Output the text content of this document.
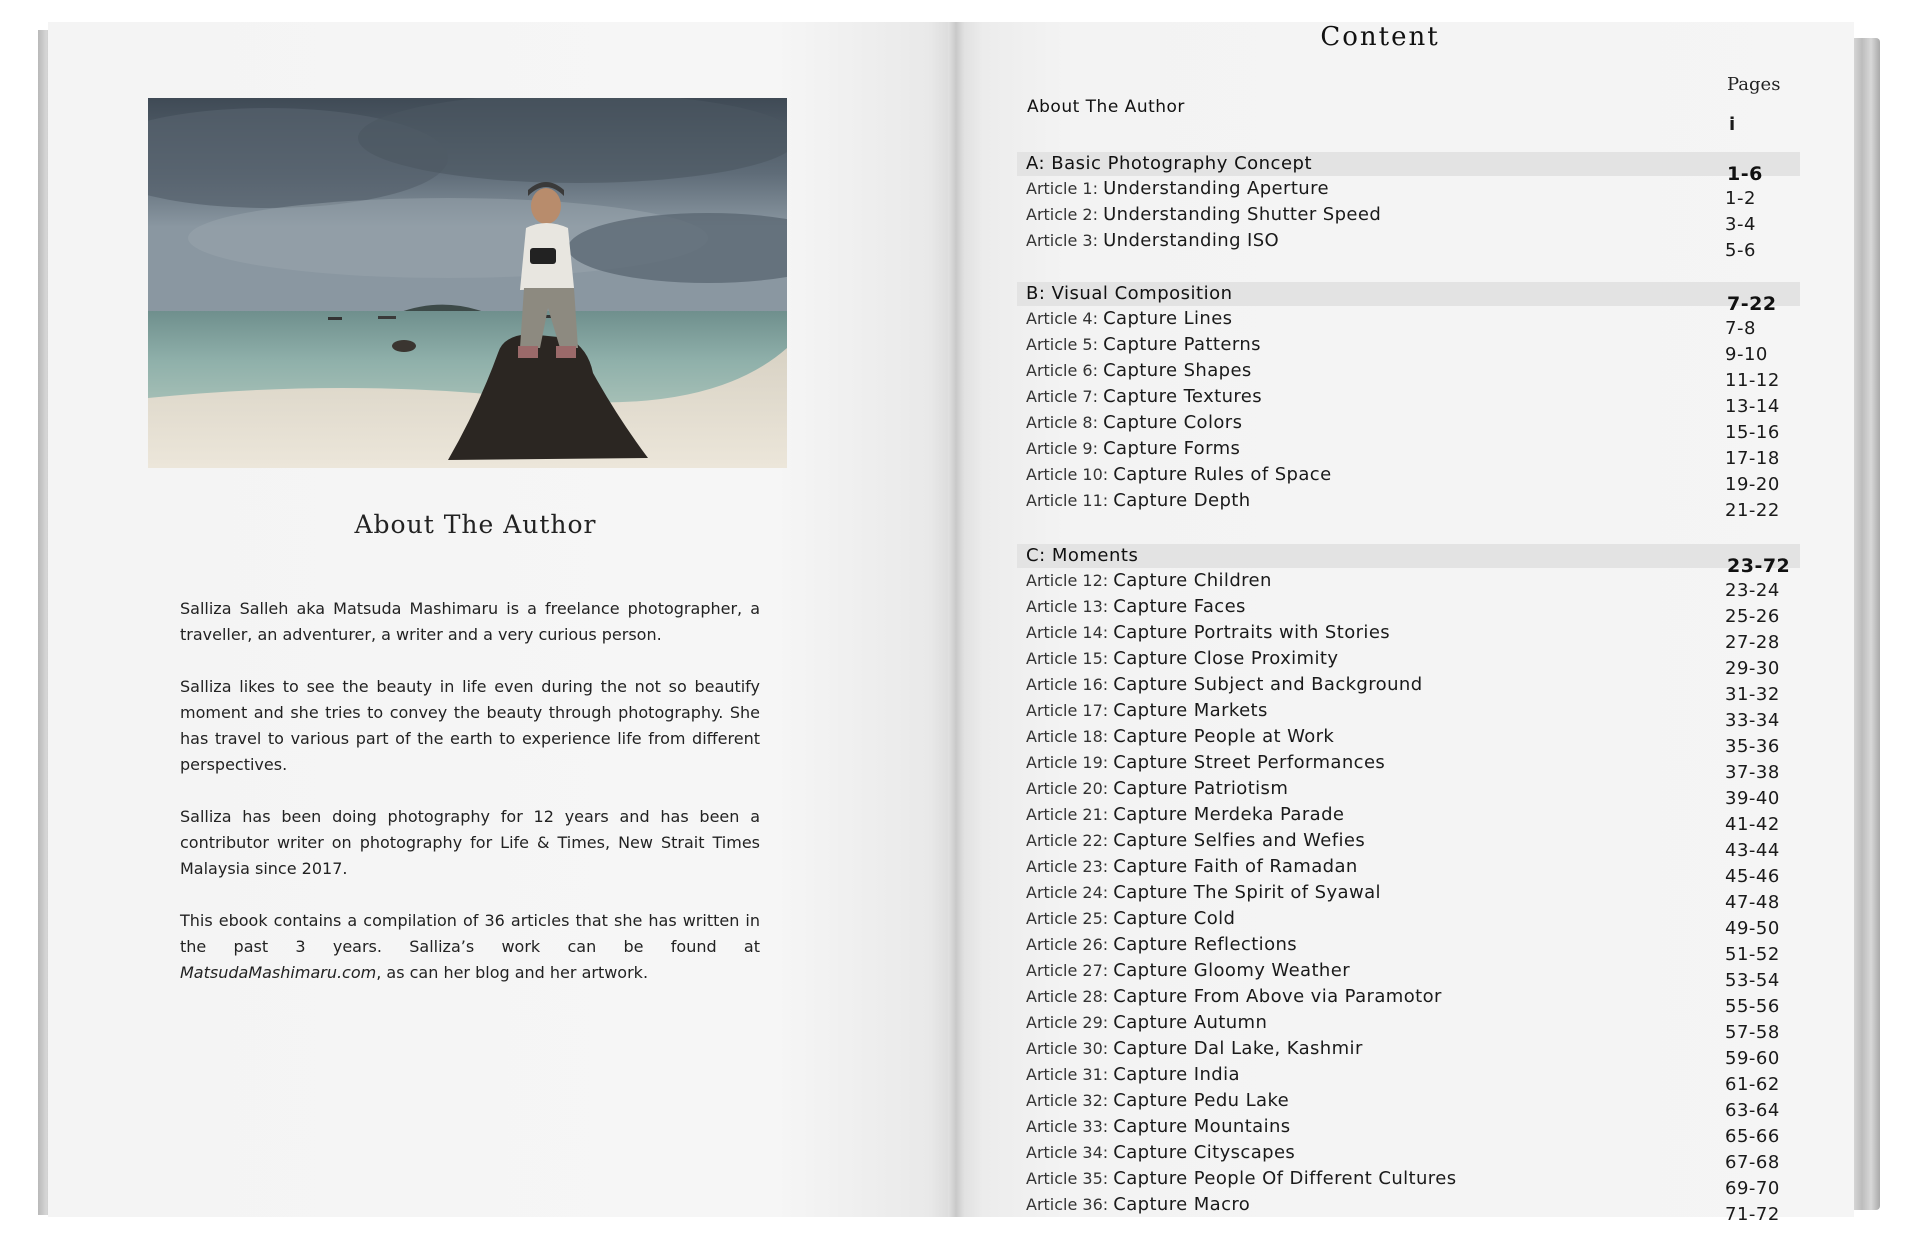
About The Author

Salliza Salleh aka Matsuda Mashimaru is a freelance photographer, a traveller, an adventurer, a writer and a very curious person.

Salliza likes to see the beauty in life even during the not so beautify moment and she tries to convey the beauty through photography. She has travel to various part of the earth to experience life from different perspectives.

Salliza has been doing photography for 12 years and has been a contributor writer on photography for Life & Times, New Strait Times Malaysia since 2017.

This ebook contains a compilation of 36 articles that she has written in the past 3 years. Salliza’s work can be found at MatsudaMashimaru.com, as can her blog and her artwork.

Content
Pages
About The Author
i
A: Basic Photography Concept	1-6
Article 1: Understanding Aperture	1-2
Article 2: Understanding Shutter Speed	3-4
Article 3: Understanding ISO	5-6
B: Visual Composition	7-22
Article 4: Capture Lines	7-8
Article 5: Capture Patterns	9-10
Article 6: Capture Shapes	11-12
Article 7: Capture Textures	13-14
Article 8: Capture Colors	15-16
Article 9: Capture Forms	17-18
Article 10: Capture Rules of Space	19-20
Article 11: Capture Depth	21-22
C: Moments	23-72
Article 12: Capture Children	23-24
Article 13: Capture Faces	25-26
Article 14: Capture Portraits with Stories	27-28
Article 15: Capture Close Proximity	29-30
Article 16: Capture Subject and Background	31-32
Article 17: Capture Markets	33-34
Article 18: Capture People at Work	35-36
Article 19: Capture Street Performances	37-38
Article 20: Capture Patriotism	39-40
Article 21: Capture Merdeka Parade	41-42
Article 22: Capture Selfies and Wefies	43-44
Article 23: Capture Faith of Ramadan	45-46
Article 24: Capture The Spirit of Syawal	47-48
Article 25: Capture Cold	49-50
Article 26: Capture Reflections	51-52
Article 27: Capture Gloomy Weather	53-54
Article 28: Capture From Above via Paramotor	55-56
Article 29: Capture Autumn	57-58
Article 30: Capture Dal Lake, Kashmir	59-60
Article 31: Capture India	61-62
Article 32: Capture Pedu Lake	63-64
Article 33: Capture Mountains	65-66
Article 34: Capture Cityscapes	67-68
Article 35: Capture People Of Different Cultures	69-70
Article 36: Capture Macro	71-72
